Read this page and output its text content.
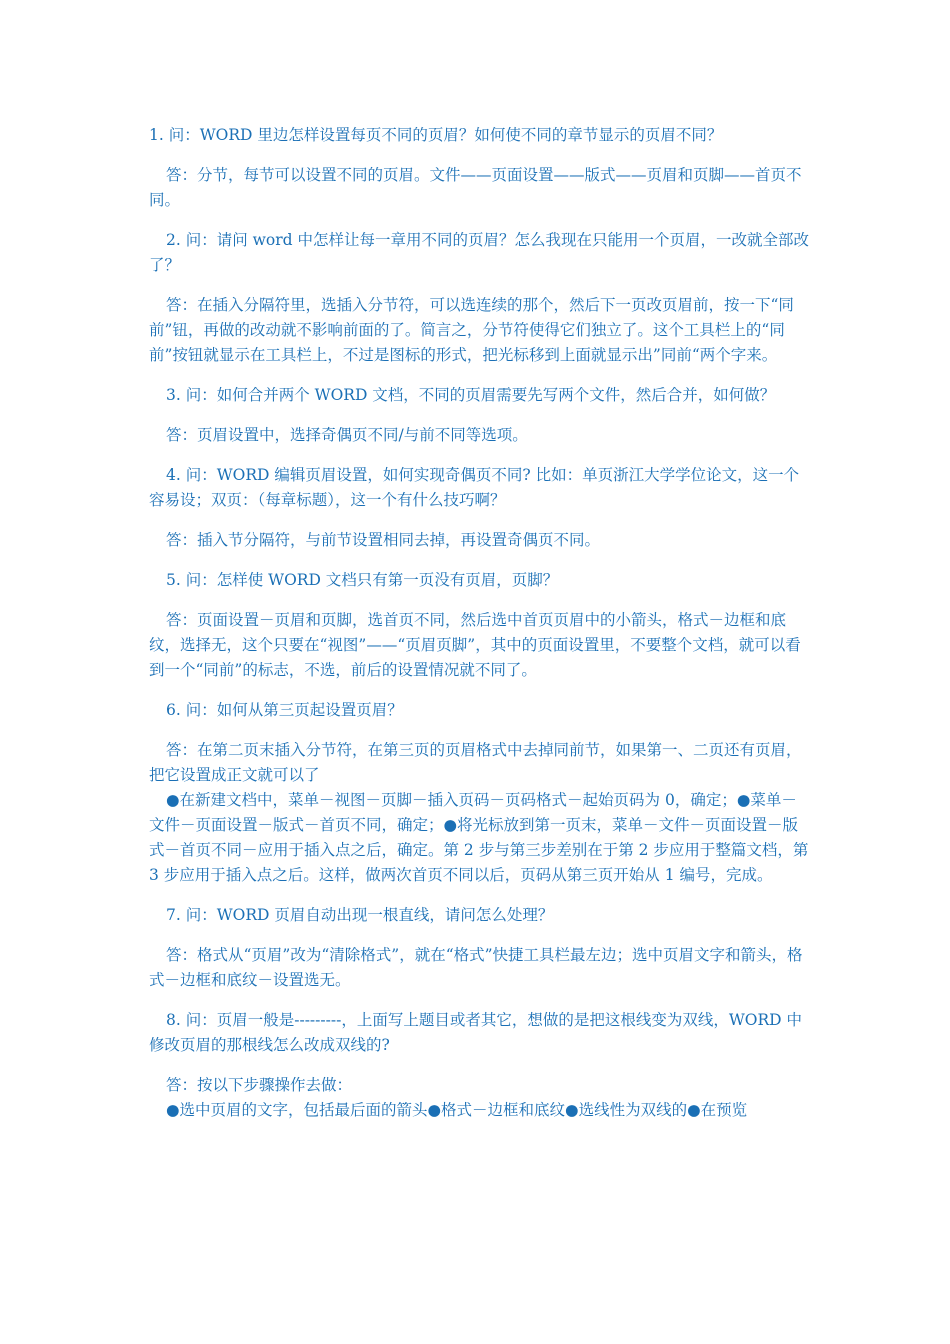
1. 问：WORD 里边怎样设置每页不同的页眉？如何使不同的章节显示的页眉不同？

答：分节，每节可以设置不同的页眉。文件——页面设置——版式——页眉和页脚——首页不同。

2. 问：请问 word 中怎样让每一章用不同的页眉？怎么我现在只能用一个页眉，一改就全部改了？

答：在插入分隔符里，选插入分节符，可以选连续的那个，然后下一页改页眉前，按一下“同前”钮，再做的改动就不影响前面的了。简言之，分节符使得它们独立了。这个工具栏上的“同前”按钮就显示在工具栏上，不过是图标的形式，把光标移到上面就显示出”同前“两个字来。

3. 问：如何合并两个 WORD 文档，不同的页眉需要先写两个文件，然后合并，如何做？

答：页眉设置中，选择奇偶页不同/与前不同等选项。

4. 问：WORD 编辑页眉设置，如何实现奇偶页不同? 比如：单页浙江大学学位论文，这一个容易设；双页：（每章标题），这一个有什么技巧啊？

答：插入节分隔符，与前节设置相同去掉，再设置奇偶页不同。

5. 问：怎样使 WORD 文档只有第一页没有页眉，页脚？

答：页面设置－页眉和页脚，选首页不同，然后选中首页页眉中的小箭头，格式－边框和底纹，选择无，这个只要在“视图”——“页眉页脚”，其中的页面设置里，不要整个文档，就可以看到一个“同前”的标志，不选，前后的设置情况就不同了。

6. 问：如何从第三页起设置页眉？

答：在第二页末插入分节符，在第三页的页眉格式中去掉同前节，如果第一、二页还有页眉，把它设置成正文就可以了

●在新建文档中，菜单－视图－页脚－插入页码－页码格式－起始页码为 0，确定；●菜单－文件－页面设置－版式－首页不同，确定；●将光标放到第一页末，菜单－文件－页面设置－版式－首页不同－应用于插入点之后，确定。第 2 步与第三步差别在于第 2 步应用于整篇文档，第 3 步应用于插入点之后。这样，做两次首页不同以后，页码从第三页开始从 1 编号，完成。

7. 问：WORD 页眉自动出现一根直线，请问怎么处理？

答：格式从“页眉”改为“清除格式”，就在“格式”快捷工具栏最左边；选中页眉文字和箭头，格式－边框和底纹－设置选无。

8. 问：页眉一般是---------，上面写上题目或者其它，想做的是把这根线变为双线，WORD 中修改页眉的那根线怎么改成双线的?

答：按以下步骤操作去做：

●选中页眉的文字，包括最后面的箭头●格式－边框和底纹●选线性为双线的●在预览
